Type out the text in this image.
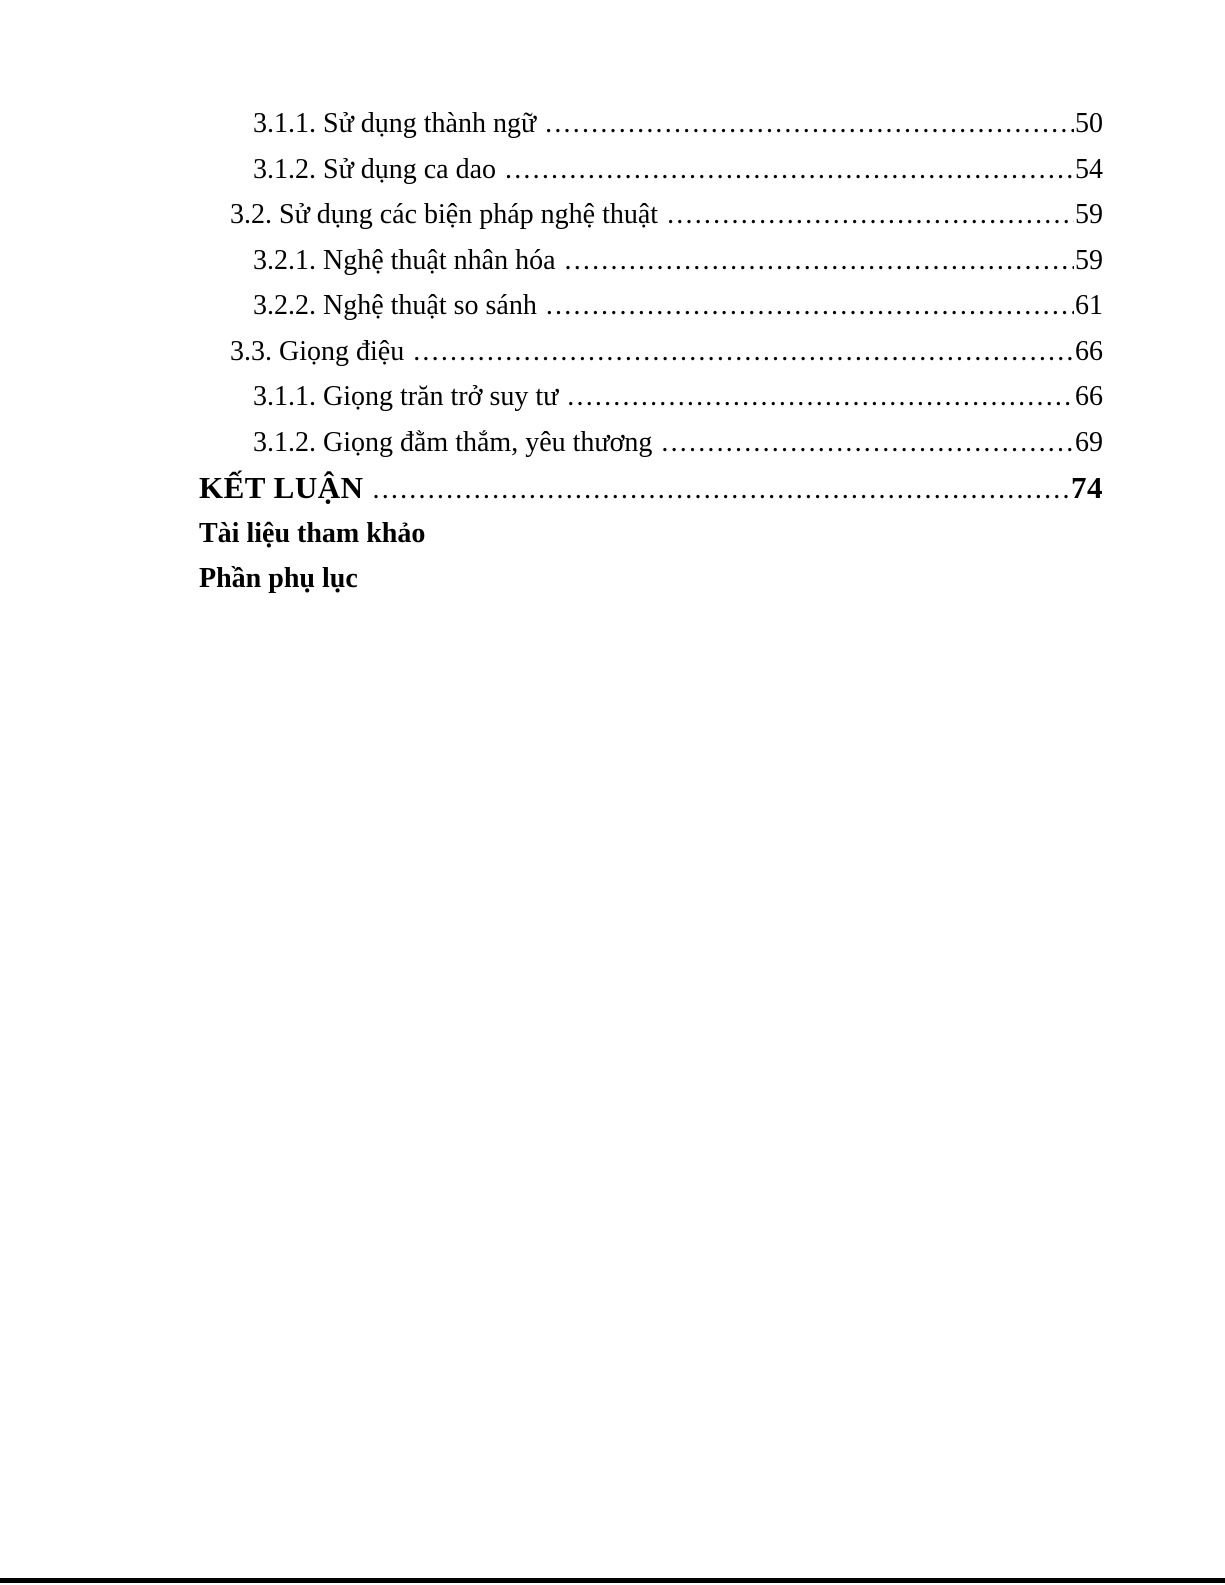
3.1.1. Sử dụng thành ngữ .....	50
3.1.2. Sử dụng ca dao .....	54
3.2. Sử dụng các biện pháp nghệ thuật .....	59
3.2.1. Nghệ thuật nhân hóa .....	59
3.2.2. Nghệ thuật so sánh .....	61
3.3. Giọng điệu .....	66
3.1.1. Giọng trăn trở suy tư .....	66
3.1.2. Giọng đằm thắm, yêu thương .....	69
KẾT LUẬN .....	74
Tài liệu tham khảo
Phần phụ lục
